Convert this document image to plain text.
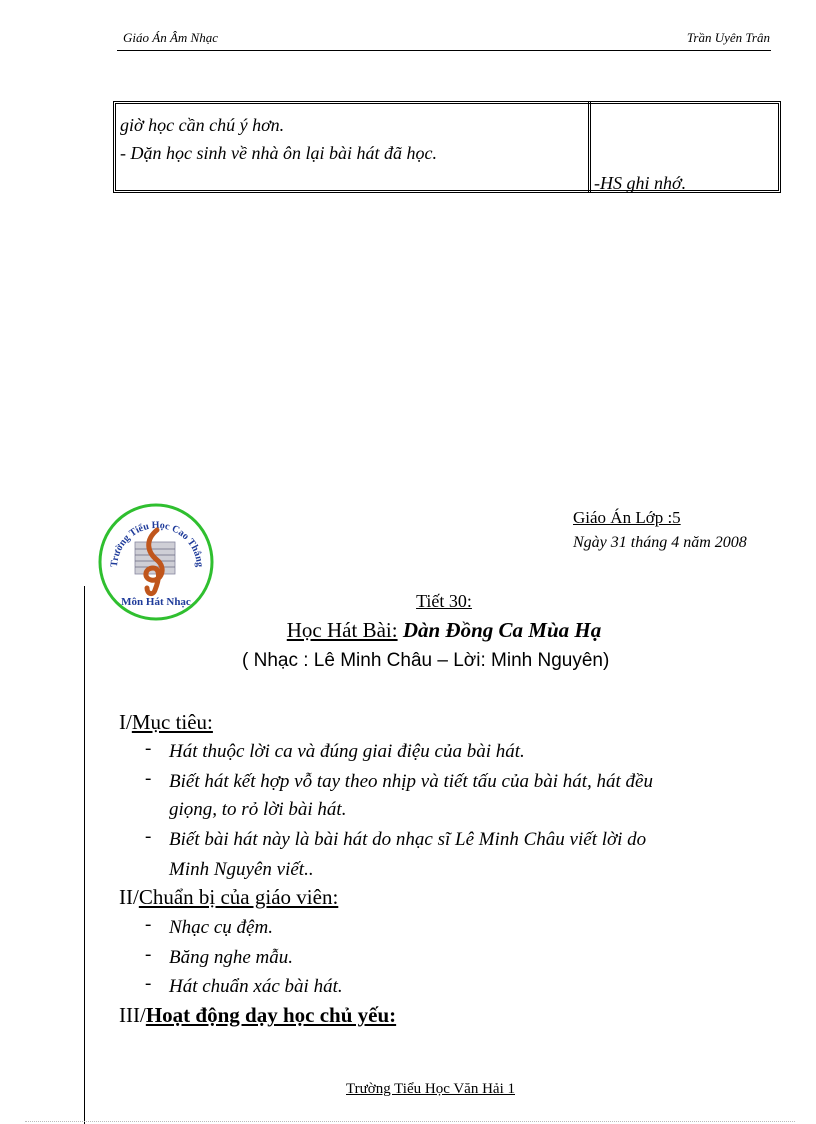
Giáo Án Âm Nhạc	Trần Uyên Trân
giờ học cần chú ý hơn.
- Dặn học sinh về nhà ôn lại bài hát đã học.
-HS ghi nhớ.
Trường Tiểu Học Cao Thắng
Môn Hát Nhạc
Giáo Án Lớp :5
Ngày 31 tháng 4 năm 2008
Tiết 30:
Học Hát Bài: Dàn Đồng Ca Mùa Hạ
( Nhạc : Lê Minh Châu – Lời: Minh Nguyên)
I/Mục tiêu:
- Hát thuộc lời ca và đúng giai điệu của bài hát.
- Biết hát kết hợp vỗ tay theo nhịp và tiết tấu của bài hát, hát đều
giọng, to rỏ lời bài hát.
- Biết bài hát này là bài hát do nhạc sĩ Lê Minh Châu viết lời do
Minh Nguyên viết..
II/Chuẩn bị của giáo viên:
- Nhạc cụ đệm.
- Băng nghe mẫu.
- Hát chuẩn xác bài hát.
III/Hoạt động dạy học chủ yếu:
Trường Tiểu Học Văn Hải 1
